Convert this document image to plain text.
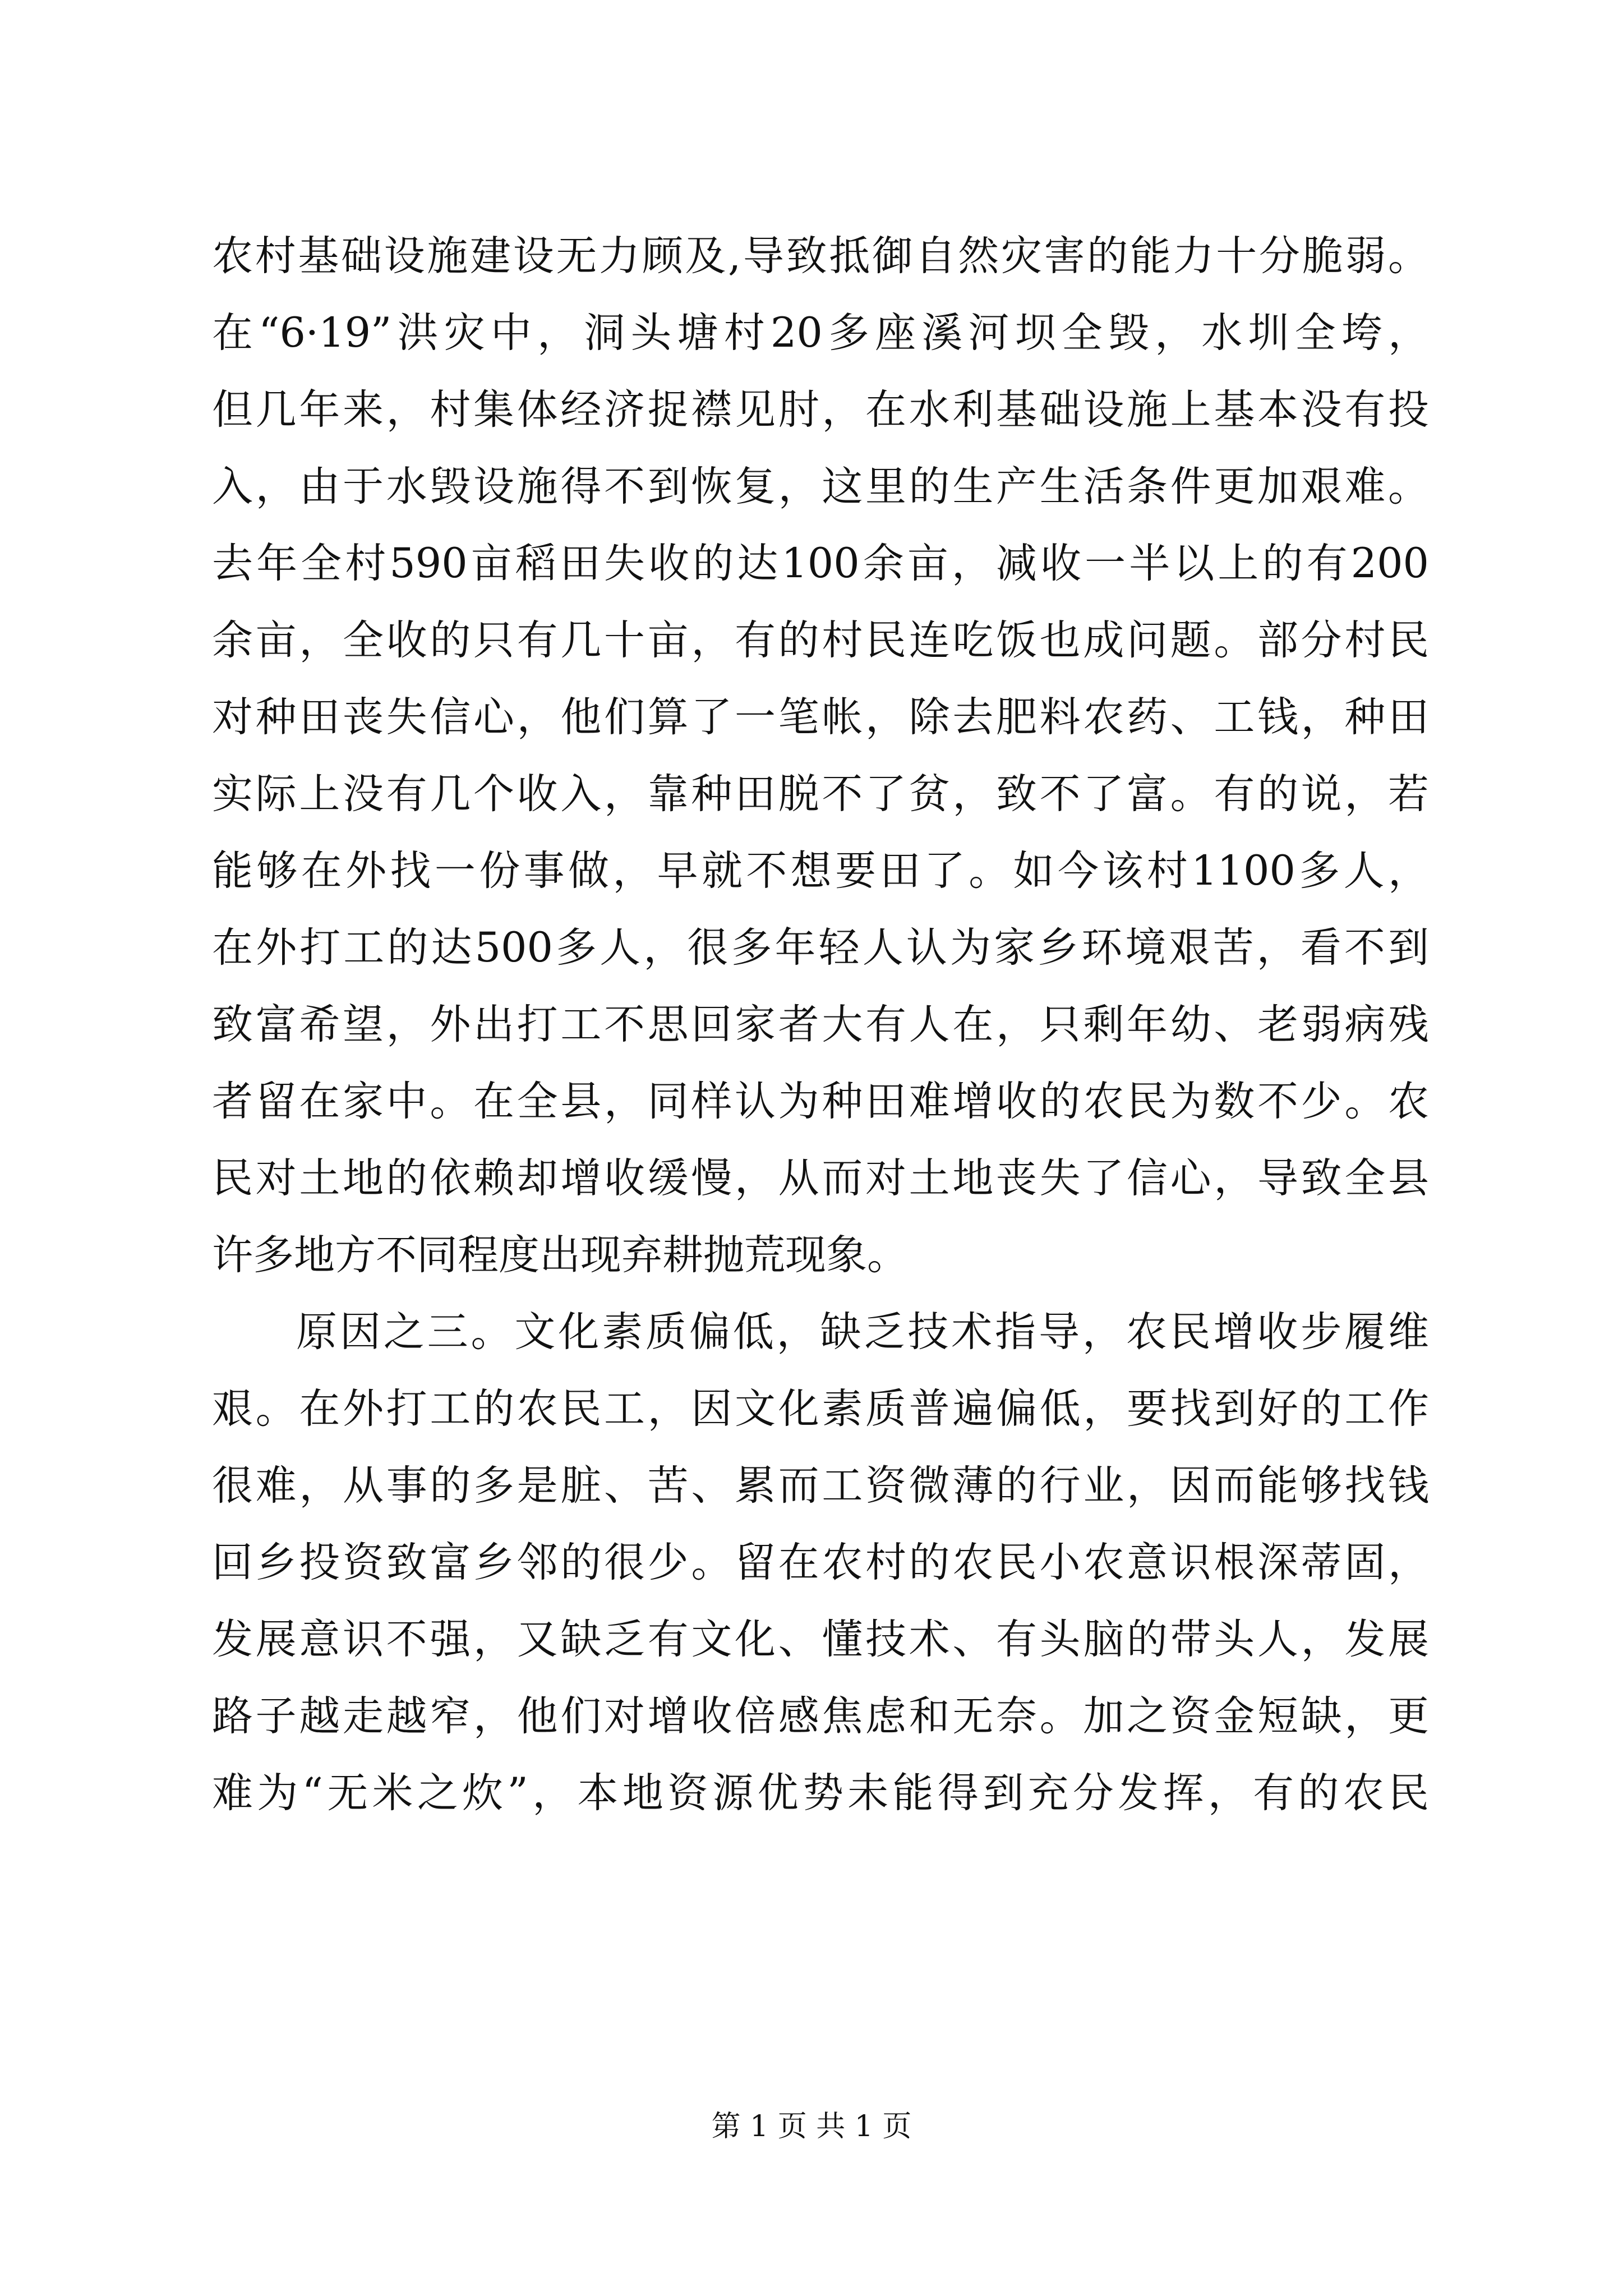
农村基础设施建设无力顾及,导致抵御自然灾害的能力十分脆弱。
在“6·19”洪灾中，洞头塘村20多座溪河坝全毁，水圳全垮，
但几年来，村集体经济捉襟见肘，在水利基础设施上基本没有投
入，由于水毁设施得不到恢复，这里的生产生活条件更加艰难。
去年全村590亩稻田失收的达100余亩，减收一半以上的有200
余亩，全收的只有几十亩，有的村民连吃饭也成问题。部分村民
对种田丧失信心，他们算了一笔帐，除去肥料农药、工钱，种田
实际上没有几个收入，靠种田脱不了贫，致不了富。有的说，若
能够在外找一份事做，早就不想要田了。如今该村1100多人，
在外打工的达500多人，很多年轻人认为家乡环境艰苦，看不到
致富希望，外出打工不思回家者大有人在，只剩年幼、老弱病残
者留在家中。在全县，同样认为种田难增收的农民为数不少。农
民对土地的依赖却增收缓慢，从而对土地丧失了信心，导致全县
许多地方不同程度出现弃耕抛荒现象。
原因之三。文化素质偏低，缺乏技术指导，农民增收步履维
艰。在外打工的农民工，因文化素质普遍偏低，要找到好的工作
很难，从事的多是脏、苦、累而工资微薄的行业，因而能够找钱
回乡投资致富乡邻的很少。留在农村的农民小农意识根深蒂固，
发展意识不强，又缺乏有文化、懂技术、有头脑的带头人，发展
路子越走越窄，他们对增收倍感焦虑和无奈。加之资金短缺，更
难为“无米之炊”，本地资源优势未能得到充分发挥，有的农民
第 1 页 共 1 页
